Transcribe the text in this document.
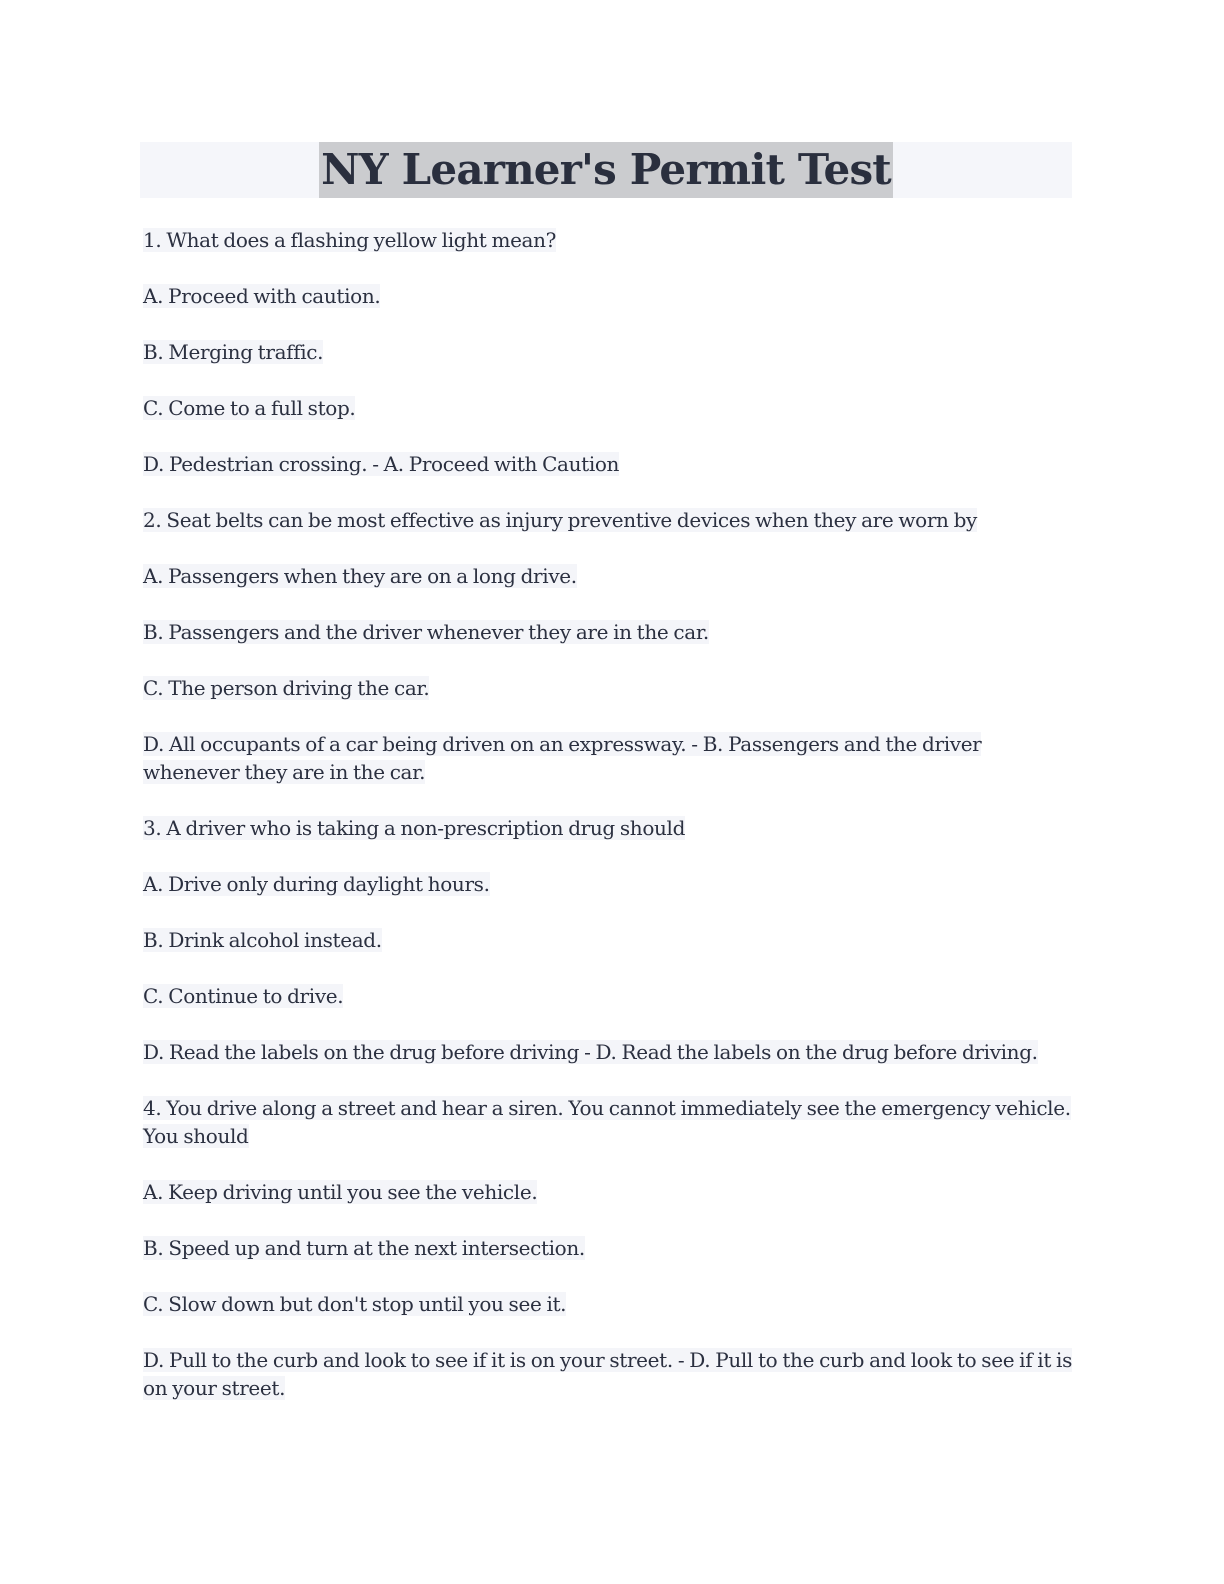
NY Learner's Permit Test

1. What does a flashing yellow light mean?

A. Proceed with caution.

B. Merging traffic.

C. Come to a full stop.

D. Pedestrian crossing. - A. Proceed with Caution

2. Seat belts can be most effective as injury preventive devices when they are worn by

A. Passengers when they are on a long drive.

B. Passengers and the driver whenever they are in the car.

C. The person driving the car.

D. All occupants of a car being driven on an expressway. - B. Passengers and the driver whenever they are in the car.

3. A driver who is taking a non-prescription drug should

A. Drive only during daylight hours.

B. Drink alcohol instead.

C. Continue to drive.

D. Read the labels on the drug before driving - D. Read the labels on the drug before driving.

4. You drive along a street and hear a siren. You cannot immediately see the emergency vehicle. You should

A. Keep driving until you see the vehicle.

B. Speed up and turn at the next intersection.

C. Slow down but don't stop until you see it.

D. Pull to the curb and look to see if it is on your street. - D. Pull to the curb and look to see if it is on your street.
